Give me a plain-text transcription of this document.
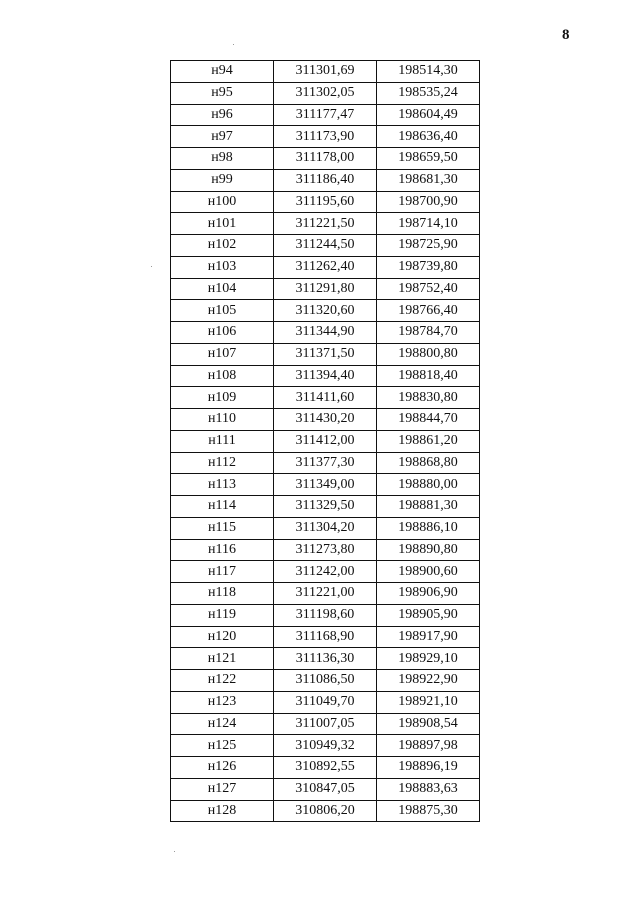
8
н94	311301,69	198514,30
н95	311302,05	198535,24
н96	311177,47	198604,49
н97	311173,90	198636,40
н98	311178,00	198659,50
н99	311186,40	198681,30
н100	311195,60	198700,90
н101	311221,50	198714,10
н102	311244,50	198725,90
н103	311262,40	198739,80
н104	311291,80	198752,40
н105	311320,60	198766,40
н106	311344,90	198784,70
н107	311371,50	198800,80
н108	311394,40	198818,40
н109	311411,60	198830,80
н110	311430,20	198844,70
н111	311412,00	198861,20
н112	311377,30	198868,80
н113	311349,00	198880,00
н114	311329,50	198881,30
н115	311304,20	198886,10
н116	311273,80	198890,80
н117	311242,00	198900,60
н118	311221,00	198906,90
н119	311198,60	198905,90
н120	311168,90	198917,90
н121	311136,30	198929,10
н122	311086,50	198922,90
н123	311049,70	198921,10
н124	311007,05	198908,54
н125	310949,32	198897,98
н126	310892,55	198896,19
н127	310847,05	198883,63
н128	310806,20	198875,30
